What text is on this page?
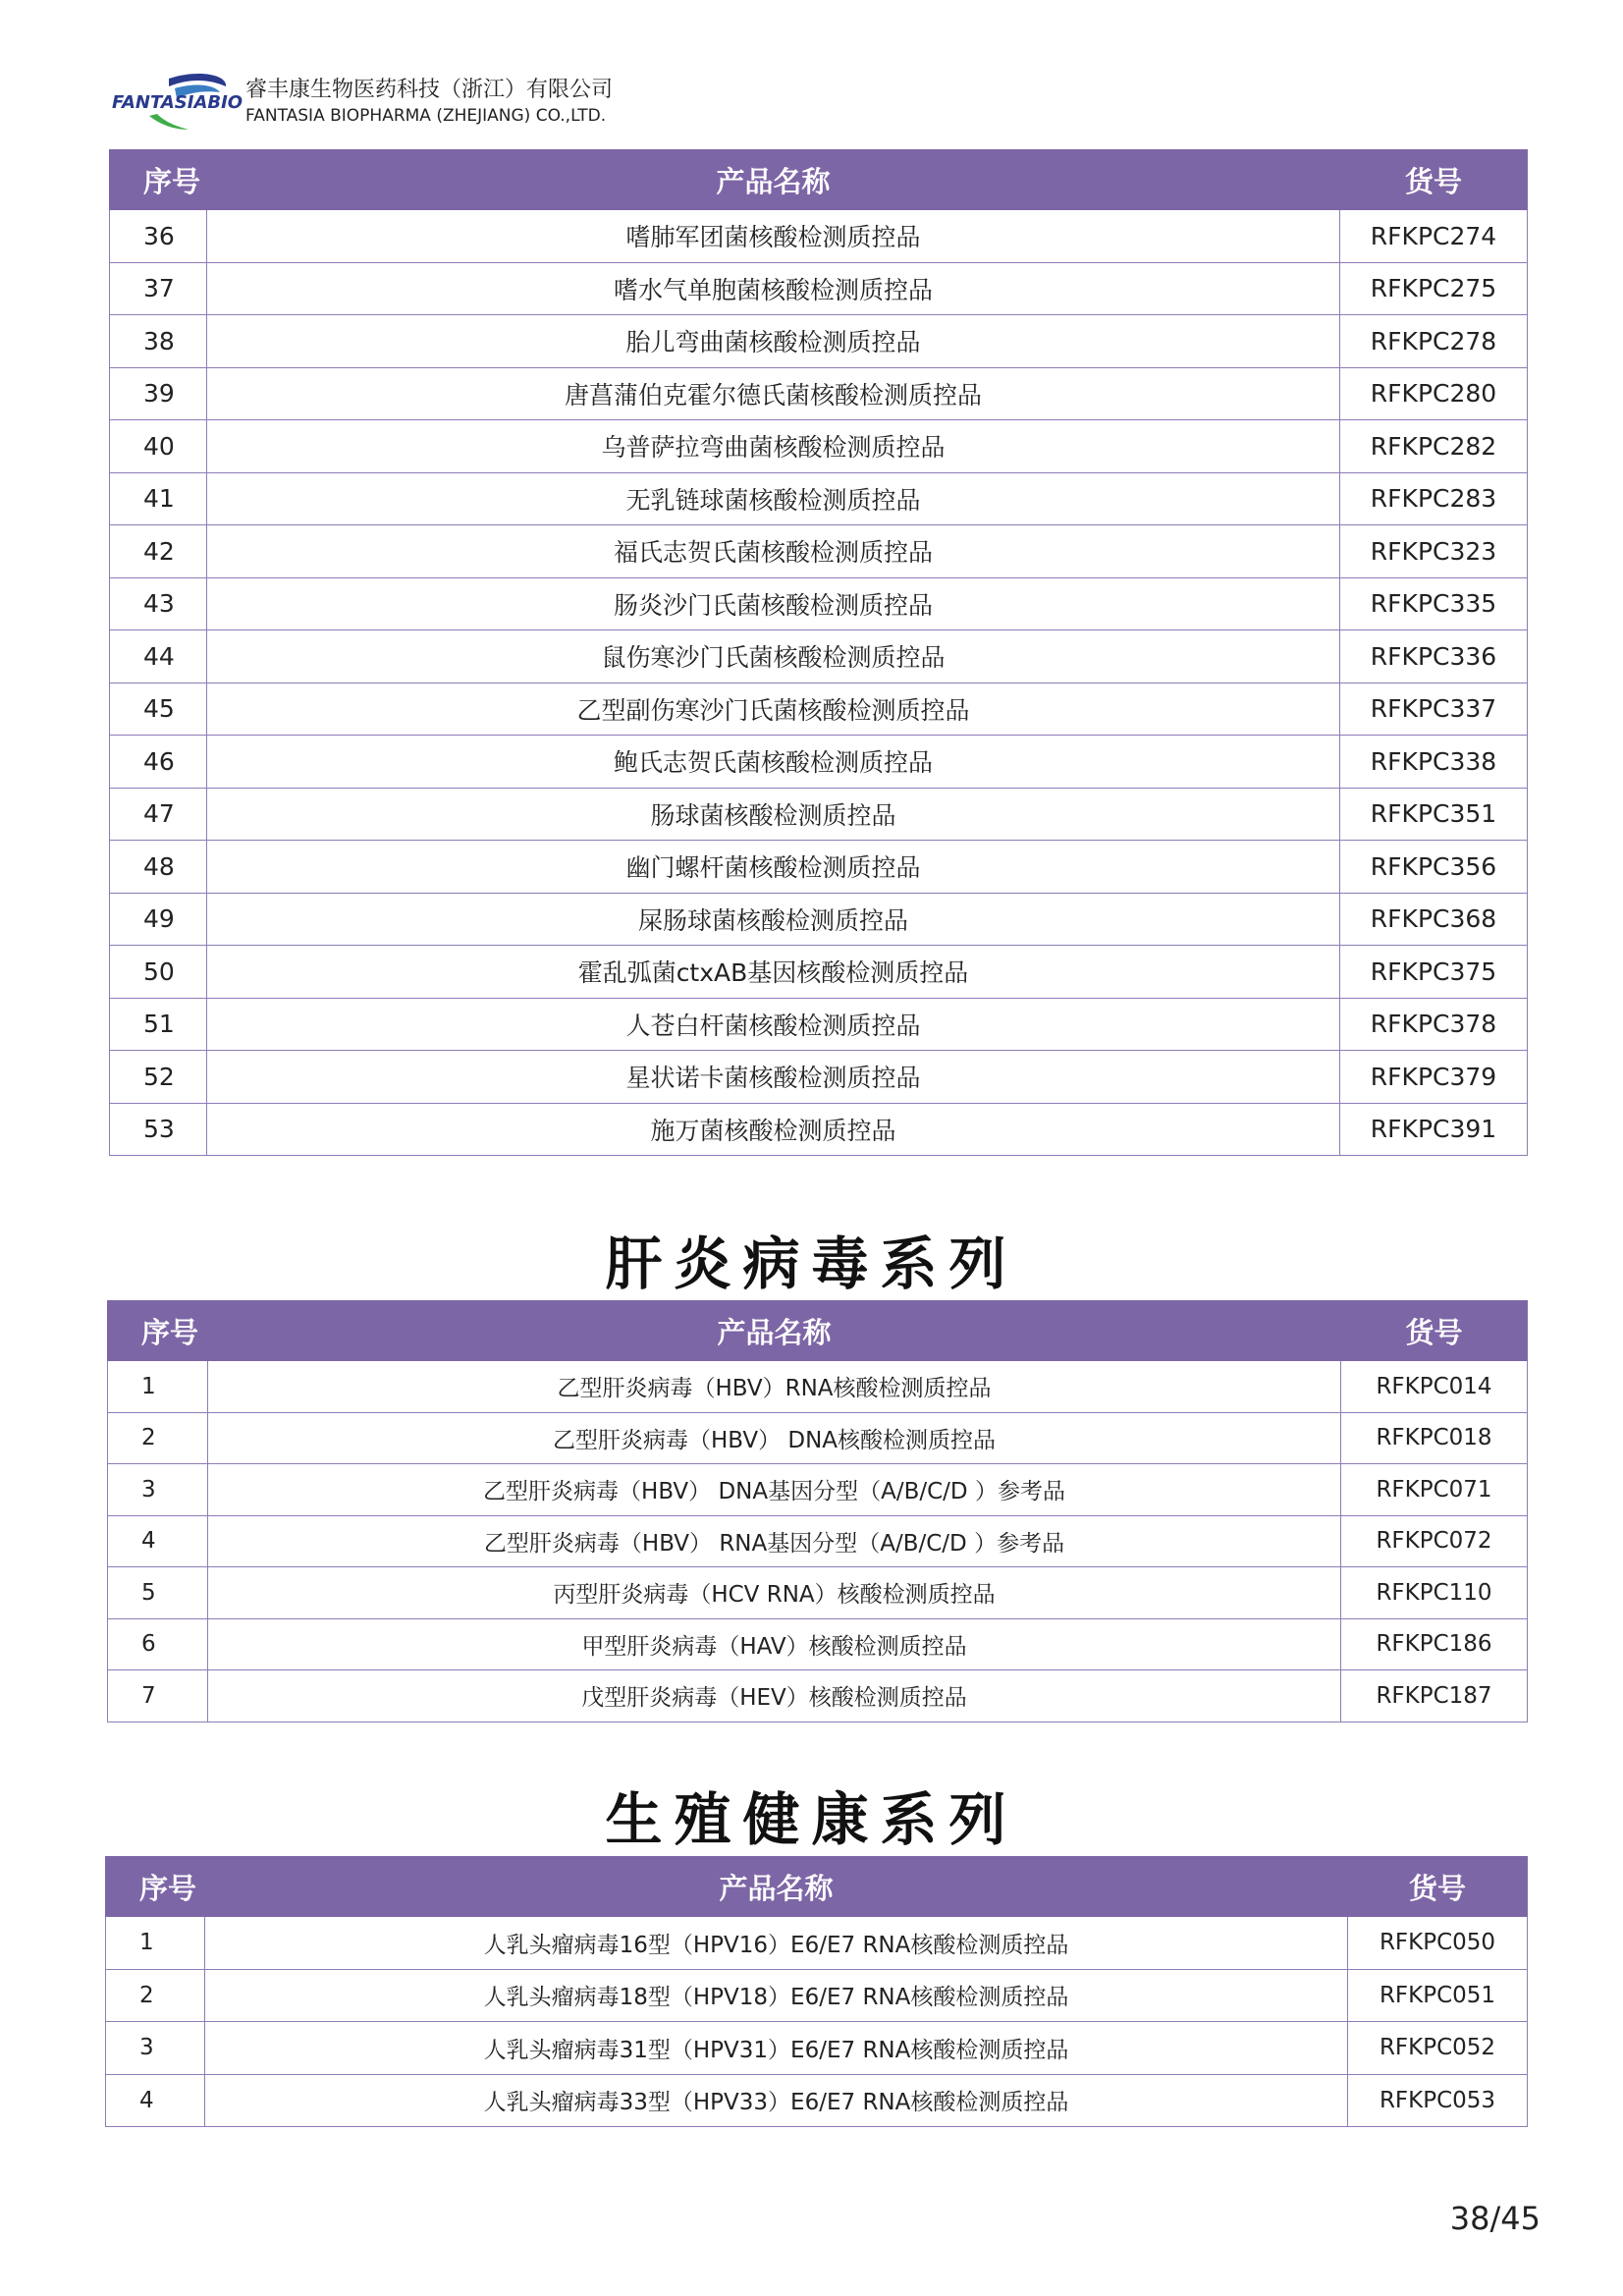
FANTASIABIO
睿丰康生物医药科技（浙江）有限公司
FANTASIA BIOPHARMA (ZHEJIANG) CO.,LTD.
序号	产品名称	货号
36	嗜肺军团菌核酸检测质控品	RFKPC274
37	嗜水气单胞菌核酸检测质控品	RFKPC275
38	胎儿弯曲菌核酸检测质控品	RFKPC278
39	唐菖蒲伯克霍尔德氏菌核酸检测质控品	RFKPC280
40	乌普萨拉弯曲菌核酸检测质控品	RFKPC282
41	无乳链球菌核酸检测质控品	RFKPC283
42	福氏志贺氏菌核酸检测质控品	RFKPC323
43	肠炎沙门氏菌核酸检测质控品	RFKPC335
44	鼠伤寒沙门氏菌核酸检测质控品	RFKPC336
45	乙型副伤寒沙门氏菌核酸检测质控品	RFKPC337
46	鲍氏志贺氏菌核酸检测质控品	RFKPC338
47	肠球菌核酸检测质控品	RFKPC351
48	幽门螺杆菌核酸检测质控品	RFKPC356
49	屎肠球菌核酸检测质控品	RFKPC368
50	霍乱弧菌ctxAB基因核酸检测质控品	RFKPC375
51	人苍白杆菌核酸检测质控品	RFKPC378
52	星状诺卡菌核酸检测质控品	RFKPC379
53	施万菌核酸检测质控品	RFKPC391
肝炎病毒系列
序号	产品名称	货号
1	乙型肝炎病毒（HBV）RNA核酸检测质控品	RFKPC014
2	乙型肝炎病毒（HBV） DNA核酸检测质控品	RFKPC018
3	乙型肝炎病毒（HBV） DNA基因分型（A/B/C/D ）参考品	RFKPC071
4	乙型肝炎病毒（HBV） RNA基因分型（A/B/C/D ）参考品	RFKPC072
5	丙型肝炎病毒（HCV RNA）核酸检测质控品	RFKPC110
6	甲型肝炎病毒（HAV）核酸检测质控品	RFKPC186
7	戊型肝炎病毒（HEV）核酸检测质控品	RFKPC187
生殖健康系列
序号	产品名称	货号
1	人乳头瘤病毒16型（HPV16）E6/E7 RNA核酸检测质控品	RFKPC050
2	人乳头瘤病毒18型（HPV18）E6/E7 RNA核酸检测质控品	RFKPC051
3	人乳头瘤病毒31型（HPV31）E6/E7 RNA核酸检测质控品	RFKPC052
4	人乳头瘤病毒33型（HPV33）E6/E7 RNA核酸检测质控品	RFKPC053
38/45
